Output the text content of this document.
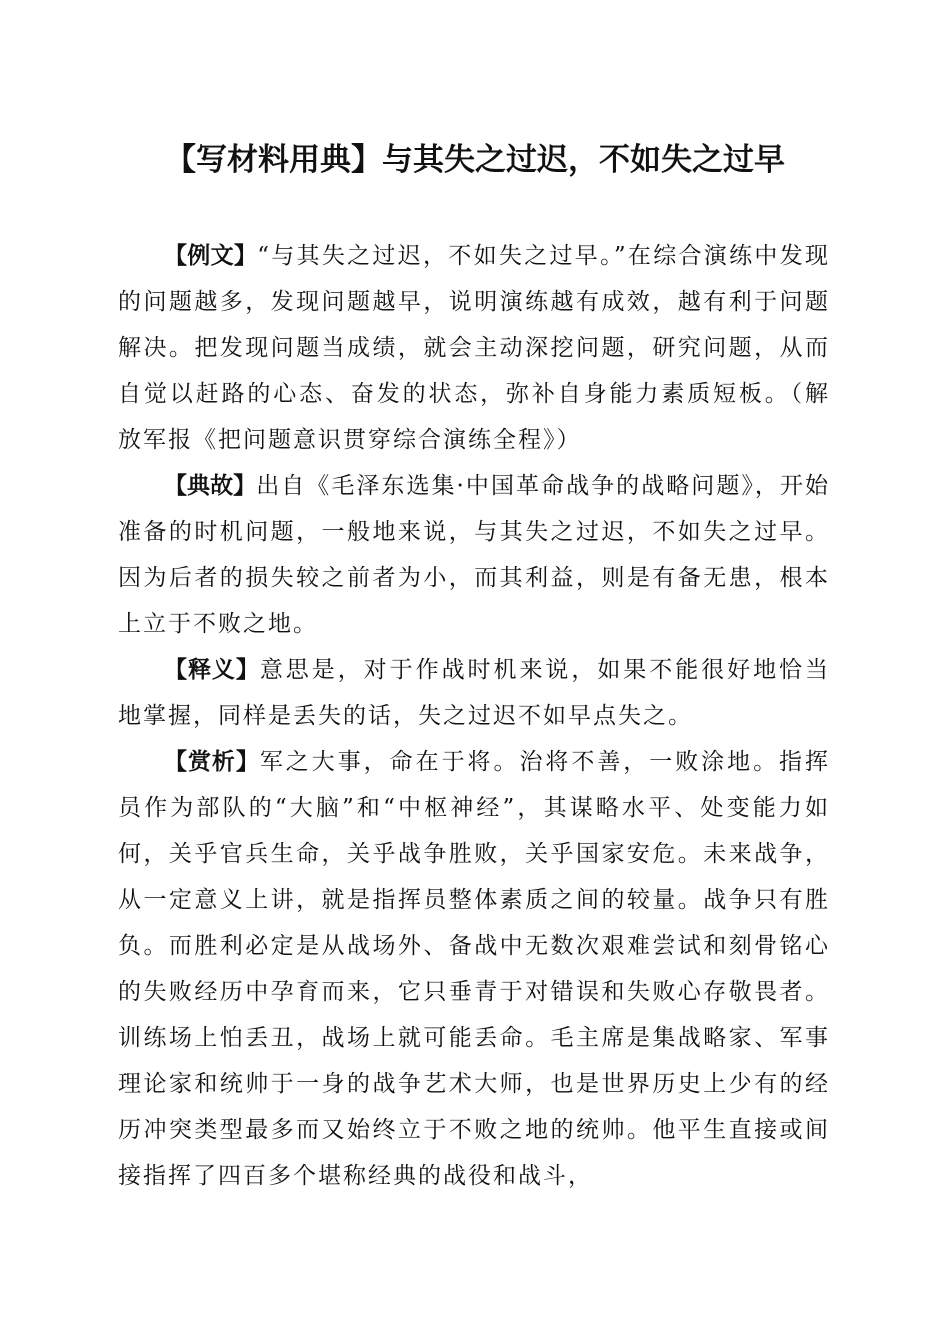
【写材料用典】与其失之过迟，不如失之过早

【例文】“与其失之过迟，不如失之过早。”在综合演练中发现的问题越多，发现问题越早，说明演练越有成效，越有利于问题解决。把发现问题当成绩，就会主动深挖问题，研究问题，从而自觉以赶路的心态、奋发的状态，弥补自身能力素质短板。（解放军报《把问题意识贯穿综合演练全程》）

【典故】出自《毛泽东选集·中国革命战争的战略问题》，开始准备的时机问题，一般地来说，与其失之过迟，不如失之过早。因为后者的损失较之前者为小，而其利益，则是有备无患，根本上立于不败之地。

【释义】意思是，对于作战时机来说，如果不能很好地恰当地掌握，同样是丢失的话，失之过迟不如早点失之。

【赏析】军之大事，命在于将。治将不善，一败涂地。指挥员作为部队的“大脑”和“中枢神经”，其谋略水平、处变能力如何，关乎官兵生命，关乎战争胜败，关乎国家安危。未来战争，从一定意义上讲，就是指挥员整体素质之间的较量。战争只有胜负。而胜利必定是从战场外、备战中无数次艰难尝试和刻骨铭心的失败经历中孕育而来，它只垂青于对错误和失败心存敬畏者。训练场上怕丢丑，战场上就可能丢命。毛主席是集战略家、军事理论家和统帅于一身的战争艺术大师，也是世界历史上少有的经历冲突类型最多而又始终立于不败之地的统帅。他平生直接或间接指挥了四百多个堪称经典的战役和战斗，
